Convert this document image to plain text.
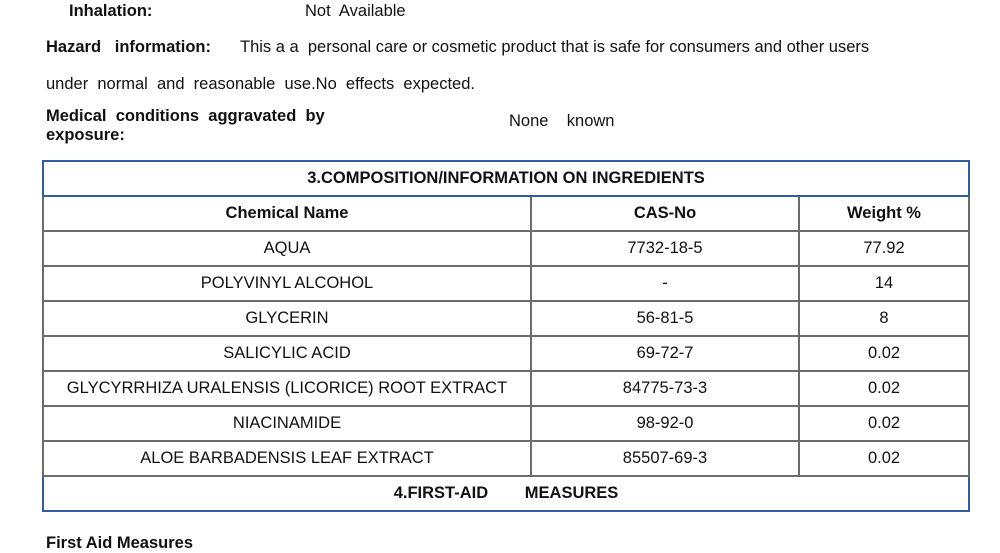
Inhalation:	Not  Available
Hazard   information: This a a  personal care or cosmetic product that is safe for consumers and other users
under  normal  and  reasonable  use.No  effects  expected.
Medical  conditions  aggravated  by
exposure:
None    known
3.COMPOSITION/INFORMATION ON INGREDIENTS		
Chemical Name	CAS-No	Weight %
AQUA	7732-18-5	77.92
POLYVINYL ALCOHOL	-	14
GLYCERIN	56-81-5	8
SALICYLIC ACID	69-72-7	0.02
GLYCYRRHIZA URALENSIS (LICORICE) ROOT EXTRACT	84775-73-3	0.02
NIACINAMIDE	98-92-0	0.02
ALOE BARBADENSIS LEAF EXTRACT	85507-69-3	0.02
4.FIRST-AID        MEASURES		
First Aid Measures
